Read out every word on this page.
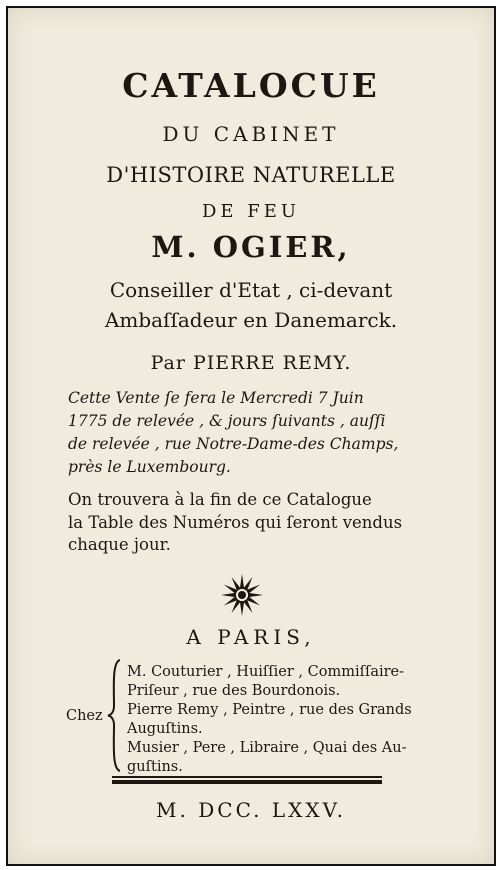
CATALOCUE
DU CABINET
D'HISTOIRE NATURELLE
DE FEU
M. OGIER,
Conseiller d'Etat , ci-devant
Ambaſſadeur en Danemarck.
Par PIERRE REMY.
Cette Vente ſe fera le Mercredi 7 Juin
1775 de relevée , & jours ſuivants , auſſi
de relevée , rue Notre-Dame-des Champs,
près le Luxembourg.
On trouvera à la fin de ce Catalogue
la Table des Numéros qui ſeront vendus
chaque jour.
A PARIS,
Chez
M. Couturier , Huiſſier , Commiſſaire-
Priſeur , rue des Bourdonois.
Pierre Remy , Peintre , rue des Grands
Auguſtins.
Musier , Pere , Libraire , Quai des Au-
guſtins.
M. DCC. LXXV.
